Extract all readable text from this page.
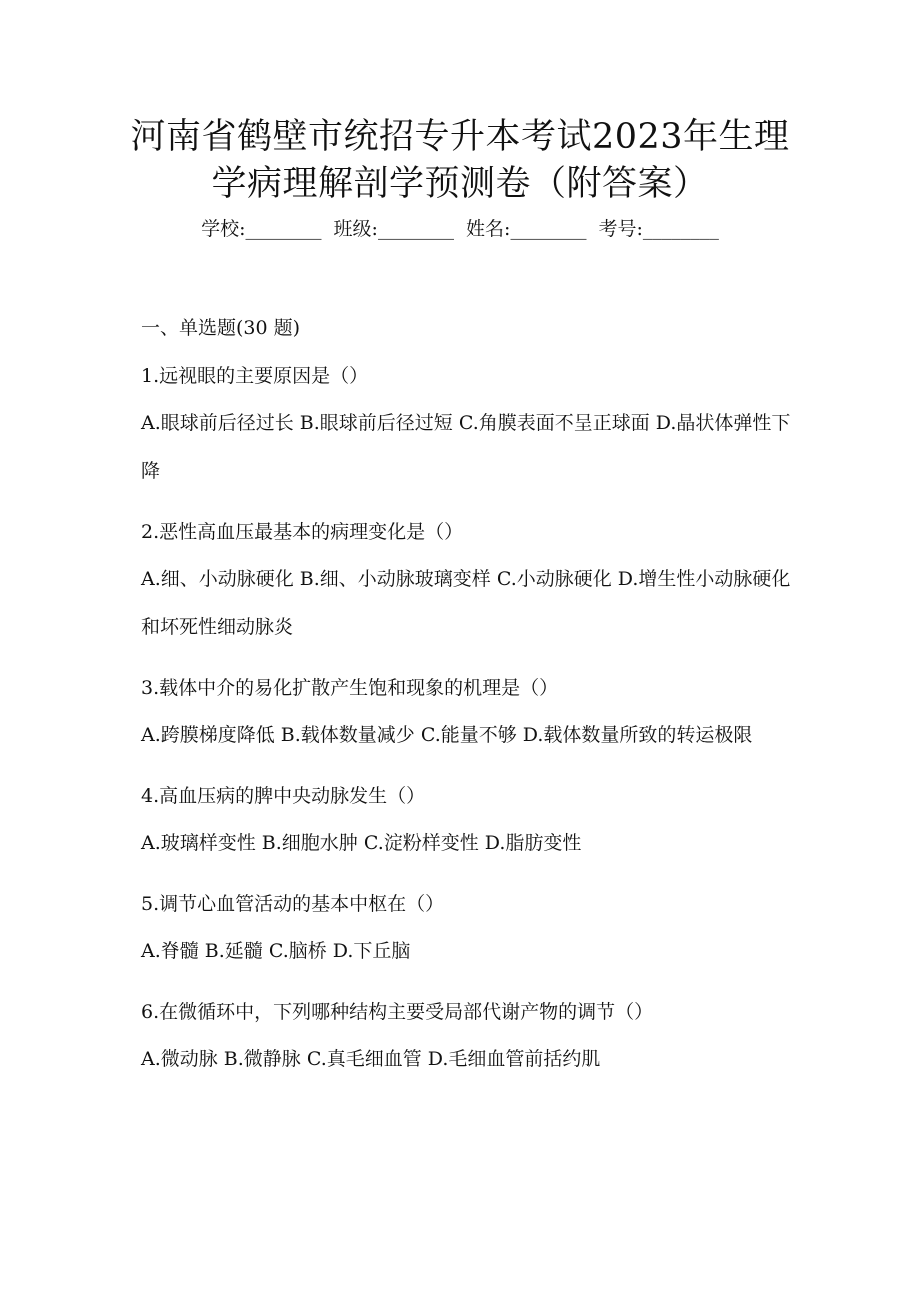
河南省鹤壁市统招专升本考试2023年生理
学病理解剖学预测卷（附答案）
学校:________  班级:________  姓名:________  考号:________
一、单选题(30 题)
1.远视眼的主要原因是（）
A.眼球前后径过长 B.眼球前后径过短 C.角膜表面不呈正球面 D.晶状体弹性下降
2.恶性高血压最基本的病理变化是（）
A.细、小动脉硬化 B.细、小动脉玻璃变样 C.小动脉硬化 D.增生性小动脉硬化和坏死性细动脉炎
3.载体中介的易化扩散产生饱和现象的机理是（）
A.跨膜梯度降低 B.载体数量减少 C.能量不够 D.载体数量所致的转运极限
4.高血压病的脾中央动脉发生（）
A.玻璃样变性 B.细胞水肿 C.淀粉样变性 D.脂肪变性
5.调节心血管活动的基本中枢在（）
A.脊髓 B.延髓 C.脑桥 D.下丘脑
6.在微循环中，下列哪种结构主要受局部代谢产物的调节（）
A.微动脉 B.微静脉 C.真毛细血管 D.毛细血管前括约肌
